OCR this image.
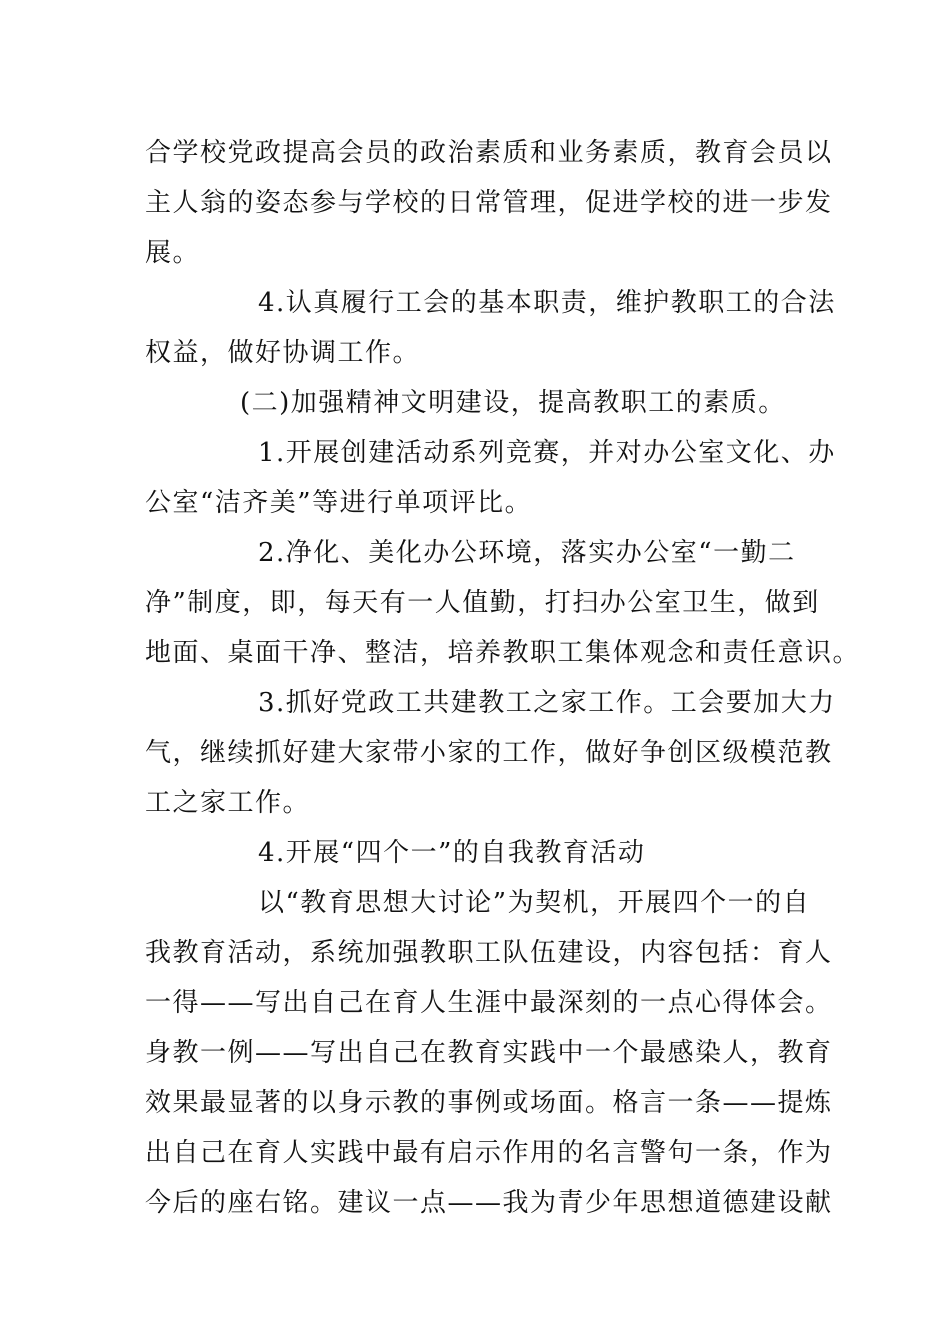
合学校党政提高会员的政治素质和业务素质，教育会员以
主人翁的姿态参与学校的日常管理，促进学校的进一步发
展。
4.认真履行工会的基本职责，维护教职工的合法
权益，做好协调工作。
(二)加强精神文明建设，提高教职工的素质。
1.开展创建活动系列竞赛，并对办公室文化、办
公室“洁齐美”等进行单项评比。
2.净化、美化办公环境，落实办公室“一勤二
净”制度，即，每天有一人值勤，打扫办公室卫生，做到
地面、桌面干净、整洁，培养教职工集体观念和责任意识。
3.抓好党政工共建教工之家工作。工会要加大力
气，继续抓好建大家带小家的工作，做好争创区级模范教
工之家工作。
4.开展“四个一”的自我教育活动
以“教育思想大讨论”为契机，开展四个一的自
我教育活动，系统加强教职工队伍建设，内容包括：育人
一得——写出自己在育人生涯中最深刻的一点心得体会。
身教一例——写出自己在教育实践中一个最感染人，教育
效果最显著的以身示教的事例或场面。格言一条——提炼
出自己在育人实践中最有启示作用的名言警句一条，作为
今后的座右铭。建议一点——我为青少年思想道德建设献
